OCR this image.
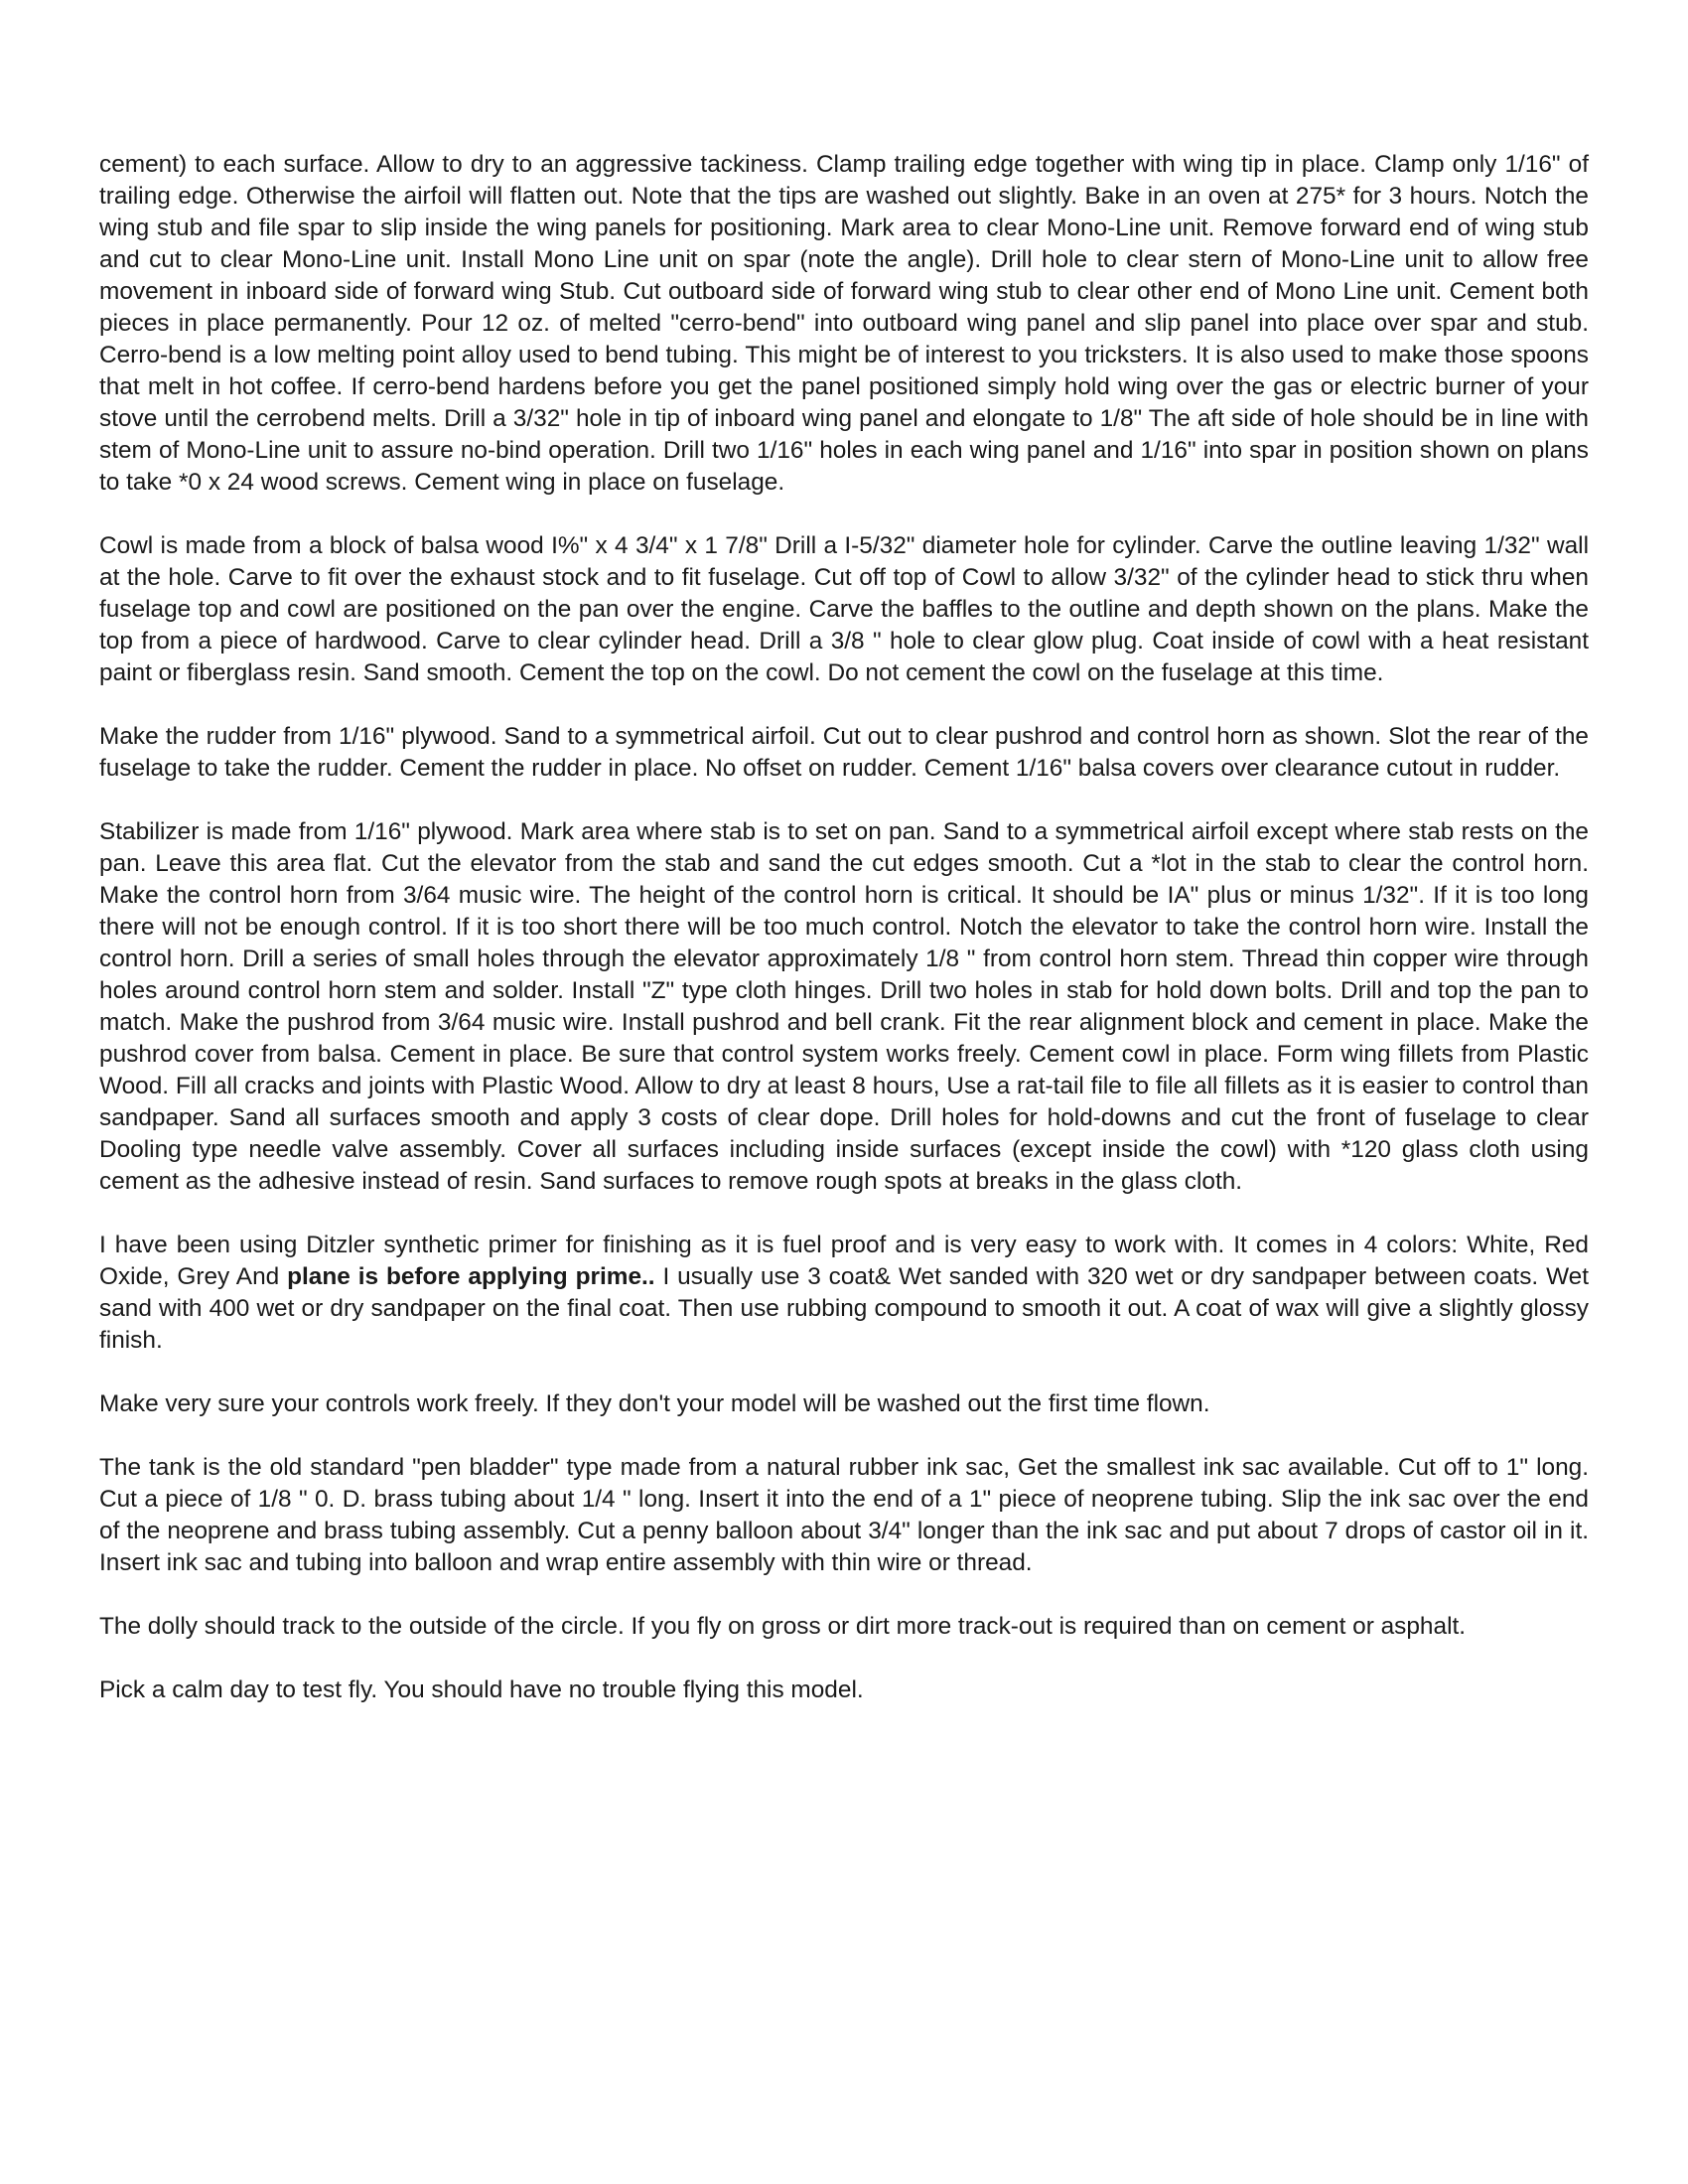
cement) to each surface. Allow to dry to an aggressive tackiness. Clamp trailing edge together with wing tip in place. Clamp only 1/16" of trailing edge. Otherwise the airfoil will flatten out. Note that the tips are washed out slightly. Bake in an oven at 275* for 3 hours. Notch the wing stub and file spar to slip inside the wing panels for positioning. Mark area to clear Mono-Line unit. Remove forward end of wing stub and cut to clear Mono-Line unit. Install Mono Line unit on spar (note the angle). Drill hole to clear stern of Mono-Line unit to allow free movement in inboard side of forward wing Stub. Cut outboard side of forward wing stub to clear other end of Mono Line unit. Cement both pieces in place permanently. Pour 12 oz. of melted "cerro-bend" into outboard wing panel and slip panel into place over spar and stub. Cerro-bend is a low melting point alloy used to bend tubing. This might be of interest to you tricksters. It is also used to make those spoons that melt in hot coffee. If cerro-bend hardens before you get the panel positioned simply hold wing over the gas or electric burner of your stove until the cerrobend melts. Drill a 3/32" hole in tip of inboard wing panel and elongate to 1/8" The aft side of hole should be in line with stem of Mono-Line unit to assure no-bind operation. Drill two 1/16" holes in each wing panel and 1/16" into spar in position shown on plans to take *0 x 24 wood screws. Cement wing in place on fuselage.

Cowl is made from a block of balsa wood I%" x 4 3/4" x 1 7/8" Drill a I-5/32" diameter hole for cylinder. Carve the outline leaving 1/32" wall at the hole. Carve to fit over the exhaust stock and to fit fuselage. Cut off top of Cowl to allow 3/32" of the cylinder head to stick thru when fuselage top and cowl are positioned on the pan over the engine. Carve the baffles to the outline and depth shown on the plans. Make the top from a piece of hardwood. Carve to clear cylinder head. Drill a 3/8 " hole to clear glow plug. Coat inside of cowl with a heat resistant paint or fiberglass resin. Sand smooth. Cement the top on the cowl. Do not cement the cowl on the fuselage at this time.

Make the rudder from 1/16" plywood. Sand to a symmetrical airfoil. Cut out to clear pushrod and control horn as shown. Slot the rear of the fuselage to take the rudder. Cement the rudder in place. No offset on rudder. Cement 1/16" balsa covers over clearance cutout in rudder.

Stabilizer is made from 1/16" plywood. Mark area where stab is to set on pan. Sand to a symmetrical airfoil except where stab rests on the pan. Leave this area flat. Cut the elevator from the stab and sand the cut edges smooth. Cut a *lot in the stab to clear the control horn. Make the control horn from 3/64 music wire. The height of the control horn is critical. It should be IA" plus or minus 1/32". If it is too long there will not be enough control. If it is too short there will be too much control. Notch the elevator to take the control horn wire. Install the control horn. Drill a series of small holes through the elevator approximately 1/8 " from control horn stem. Thread thin copper wire through holes around control horn stem and solder. Install "Z" type cloth hinges. Drill two holes in stab for hold down bolts. Drill and top the pan to match. Make the pushrod from 3/64 music wire. Install pushrod and bell crank. Fit the rear alignment block and cement in place. Make the pushrod cover from balsa. Cement in place. Be sure that control system works freely. Cement cowl in place. Form wing fillets from Plastic Wood. Fill all cracks and joints with Plastic Wood. Allow to dry at least 8 hours, Use a rat-tail file to file all fillets as it is easier to control than sandpaper. Sand all surfaces smooth and apply 3 costs of clear dope. Drill holes for hold-downs and cut the front of fuselage to clear Dooling type needle valve assembly. Cover all surfaces including inside surfaces (except inside the cowl) with *120 glass cloth using cement as the adhesive instead of resin. Sand surfaces to remove rough spots at breaks in the glass cloth.

I have been using Ditzler synthetic primer for finishing as it is fuel proof and is very easy to work with. It comes in 4 colors: White, Red Oxide, Grey And plane is before applying prime.. I usually use 3 coat& Wet sanded with 320 wet or dry sandpaper between coats. Wet sand with 400 wet or dry sandpaper on the final coat. Then use rubbing compound to smooth it out. A coat of wax will give a slightly glossy finish.

Make very sure your controls work freely. If they don't your model will be washed out the first time flown.

The tank is the old standard "pen bladder" type made from a natural rubber ink sac, Get the smallest ink sac available. Cut off to 1" long. Cut a piece of 1/8 " 0. D. brass tubing about 1/4 " long. Insert it into the end of a 1" piece of neoprene tubing. Slip the ink sac over the end of the neoprene and brass tubing assembly. Cut a penny balloon about 3/4" longer than the ink sac and put about 7 drops of castor oil in it. Insert ink sac and tubing into balloon and wrap entire assembly with thin wire or thread.

The dolly should track to the outside of the circle. If you fly on gross or dirt more track-out is required than on cement or asphalt.

Pick a calm day to test fly. You should have no trouble flying this model.
